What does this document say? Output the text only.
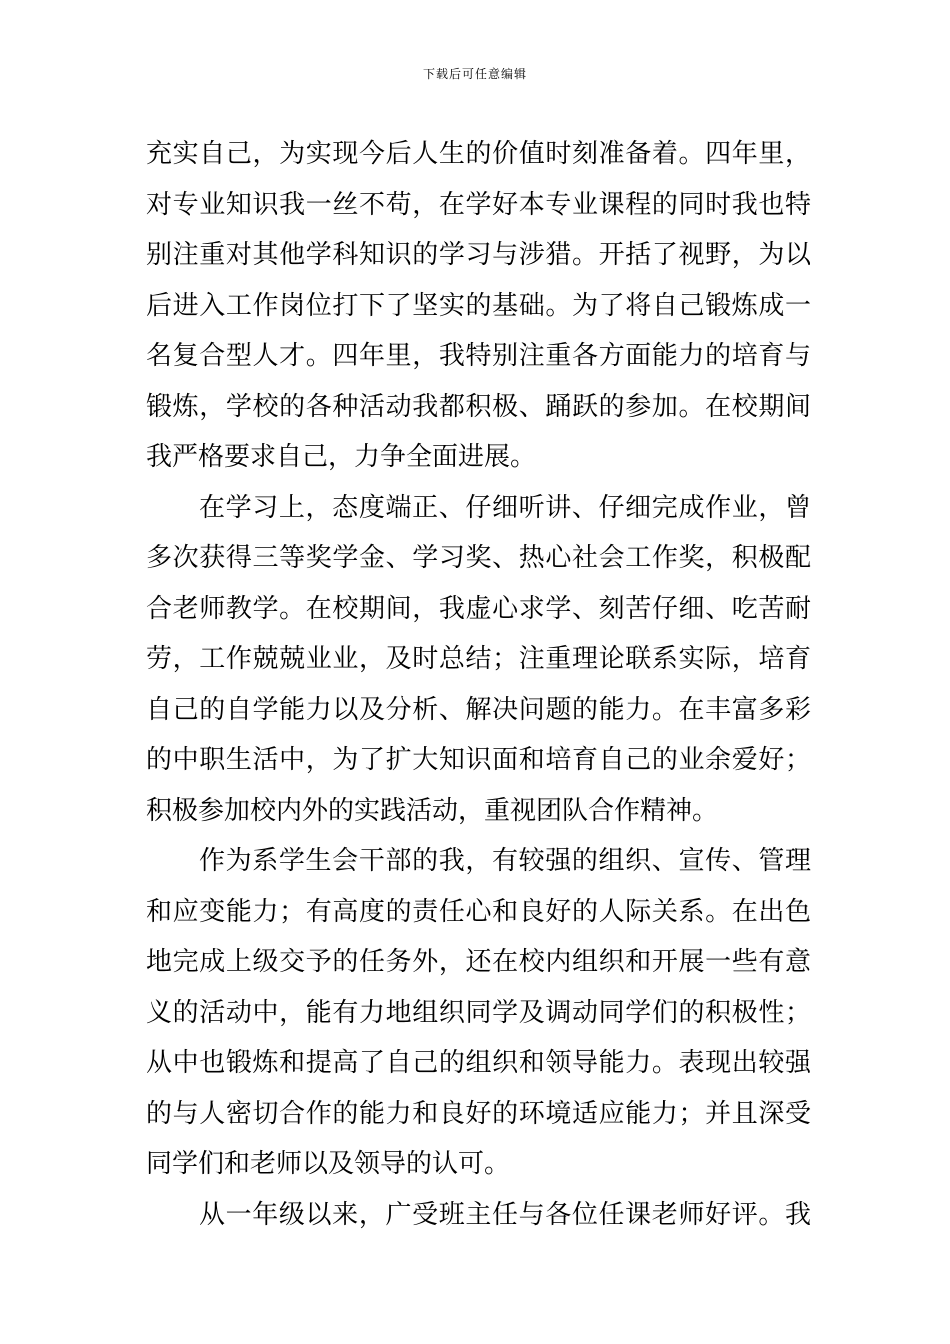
下载后可任意编辑
充实自己，为实现今后人生的价值时刻准备着。四年里，
对专业知识我一丝不苟，在学好本专业课程的同时我也特
别注重对其他学科知识的学习与涉猎。开括了视野，为以
后进入工作岗位打下了坚实的基础。为了将自己锻炼成一
名复合型人才。四年里，我特别注重各方面能力的培育与
锻炼，学校的各种活动我都积极、踊跃的参加。在校期间
我严格要求自己，力争全面进展。
在学习上，态度端正、仔细听讲、仔细完成作业，曾
多次获得三等奖学金、学习奖、热心社会工作奖，积极配
合老师教学。在校期间，我虚心求学、刻苦仔细、吃苦耐
劳，工作兢兢业业，及时总结；注重理论联系实际，培育
自己的自学能力以及分析、解决问题的能力。在丰富多彩
的中职生活中，为了扩大知识面和培育自己的业余爱好；
积极参加校内外的实践活动，重视团队合作精神。
作为系学生会干部的我，有较强的组织、宣传、管理
和应变能力；有高度的责任心和良好的人际关系。在出色
地完成上级交予的任务外，还在校内组织和开展一些有意
义的活动中，能有力地组织同学及调动同学们的积极性；
从中也锻炼和提高了自己的组织和领导能力。表现出较强
的与人密切合作的能力和良好的环境适应能力；并且深受
同学们和老师以及领导的认可。
从一年级以来，广受班主任与各位任课老师好评。我
